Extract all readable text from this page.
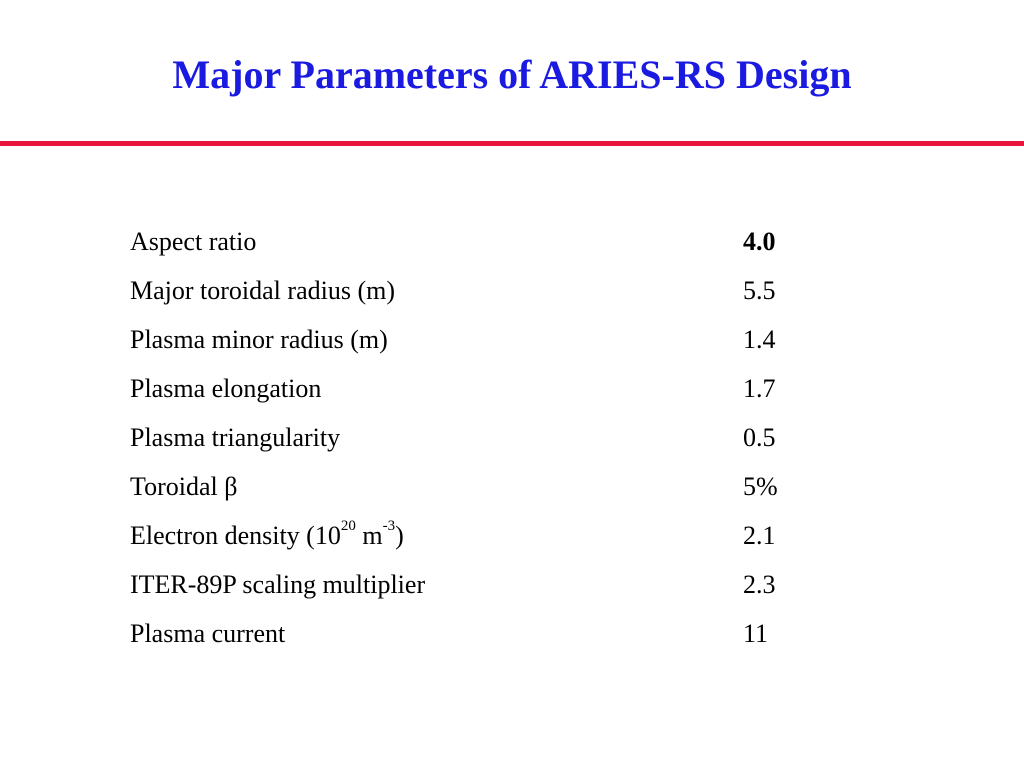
Major Parameters of ARIES-RS Design
Aspect ratio	4.0
Major toroidal radius (m)	5.5
Plasma minor radius (m)	1.4
Plasma elongation	1.7
Plasma triangularity	0.5
Toroidal β	5%
Electron density ($10^{20}$ $m^{-3}$)	2.1
ITER-89P scaling multiplier	2.3
Plasma current	11
